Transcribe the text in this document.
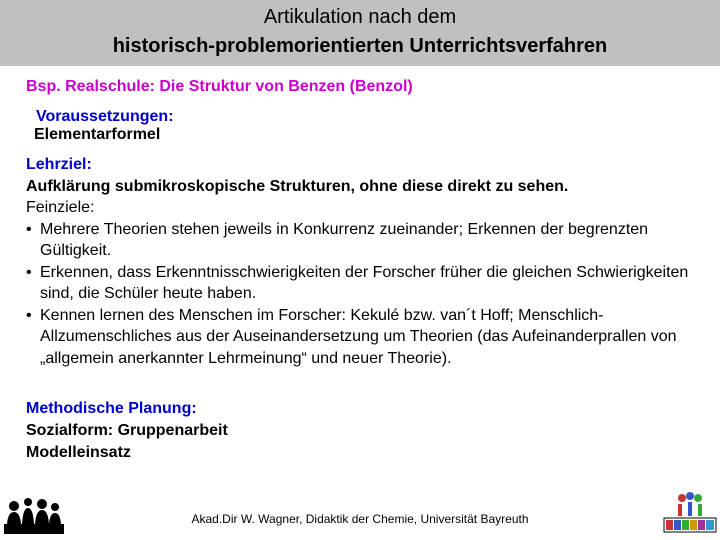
Artikulation nach dem
historisch-problemorientierten Unterrichtsverfahren
Bsp. Realschule: Die Struktur von Benzen (Benzol)
Voraussetzungen:
Elementarformel
Lehrziel:
Aufklärung submikroskopische Strukturen, ohne diese direkt zu sehen.
Feinziele:
• Mehrere Theorien stehen jeweils in Konkurrenz zueinander; Erkennen der begrenzten Gültigkeit.
• Erkennen, dass Erkenntnisschwierigkeiten der Forscher früher die gleichen Schwierigkeiten sind, die Schüler heute haben.
• Kennen lernen des Menschen im Forscher: Kekulé bzw. van´t Hoff; Menschlich-Allzumenschliches aus der Auseinandersetzung um Theorien (das Aufeinanderprallen von „allgemein anerkannter Lehrmeinung“ und neuer Theorie).
Methodische Planung:
Sozialform: Gruppenarbeit
Modelleinsatz
Akad.Dir W. Wagner, Didaktik der Chemie, Universität Bayreuth
